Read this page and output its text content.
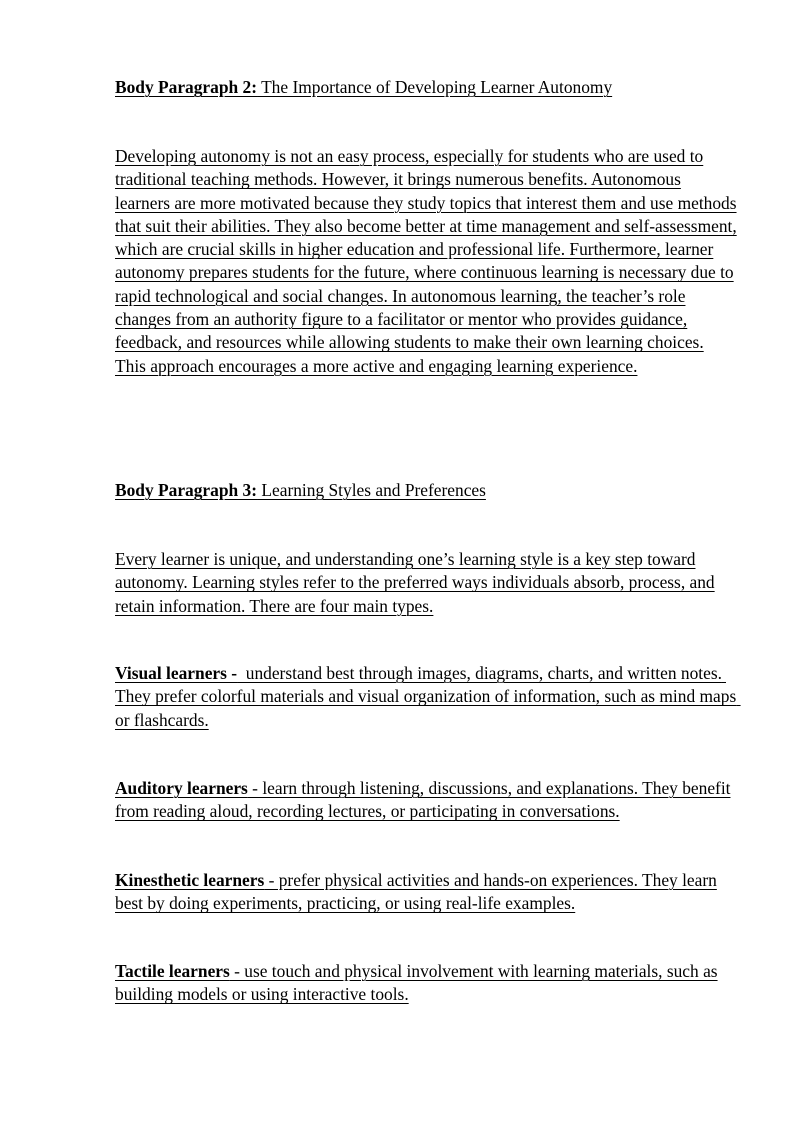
Body Paragraph 2: The Importance of Developing Learner Autonomy

Developing autonomy is not an easy process, especially for students who are used to traditional teaching methods. However, it brings numerous benefits. Autonomous learners are more motivated because they study topics that interest them and use methods that suit their abilities. They also become better at time management and self-assessment, which are crucial skills in higher education and professional life. Furthermore, learner autonomy prepares students for the future, where continuous learning is necessary due to rapid technological and social changes. In autonomous learning, the teacher’s role changes from an authority figure to a facilitator or mentor who provides guidance, feedback, and resources while allowing students to make their own learning choices. This approach encourages a more active and engaging learning experience.

Body Paragraph 3: Learning Styles and Preferences

Every learner is unique, and understanding one’s learning style is a key step toward autonomy. Learning styles refer to the preferred ways individuals absorb, process, and retain information. There are four main types.

Visual learners -  understand best through images, diagrams, charts, and written notes. They prefer colorful materials and visual organization of information, such as mind maps or flashcards.

Auditory learners - learn through listening, discussions, and explanations. They benefit from reading aloud, recording lectures, or participating in conversations.

Kinesthetic learners - prefer physical activities and hands-on experiences. They learn best by doing experiments, practicing, or using real-life examples.

Tactile learners - use touch and physical involvement with learning materials, such as building models or using interactive tools.
